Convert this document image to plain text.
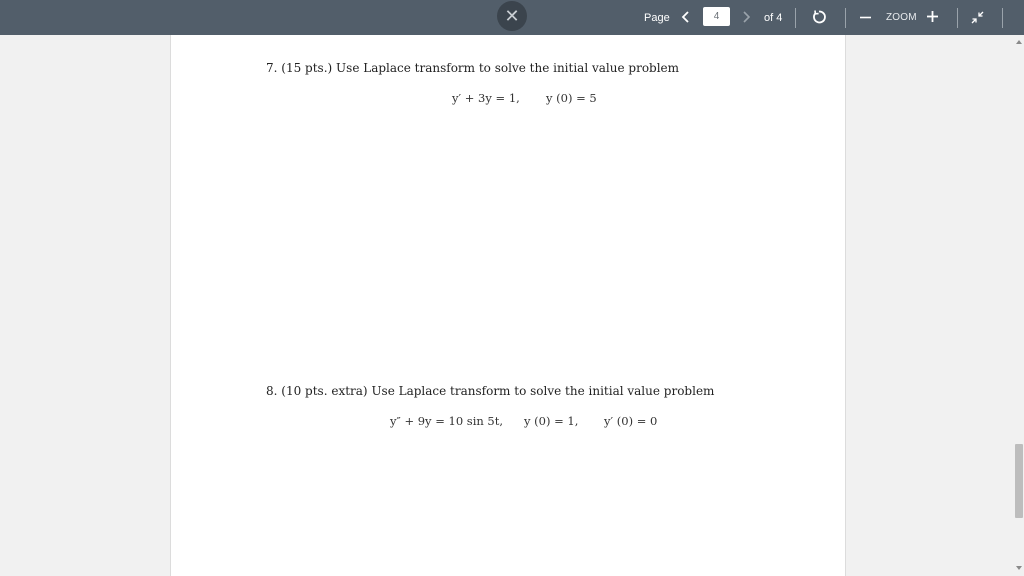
✕	Page
4	of 4	ZOOM
7. (15 pts.) Use Laplace transform to solve the initial value problem
y′ + 3y = 1, y (0) = 5
8. (10 pts. extra) Use Laplace transform to solve the initial value problem
y″ + 9y = 10 sin 5t, y (0) = 1, y′ (0) = 0
